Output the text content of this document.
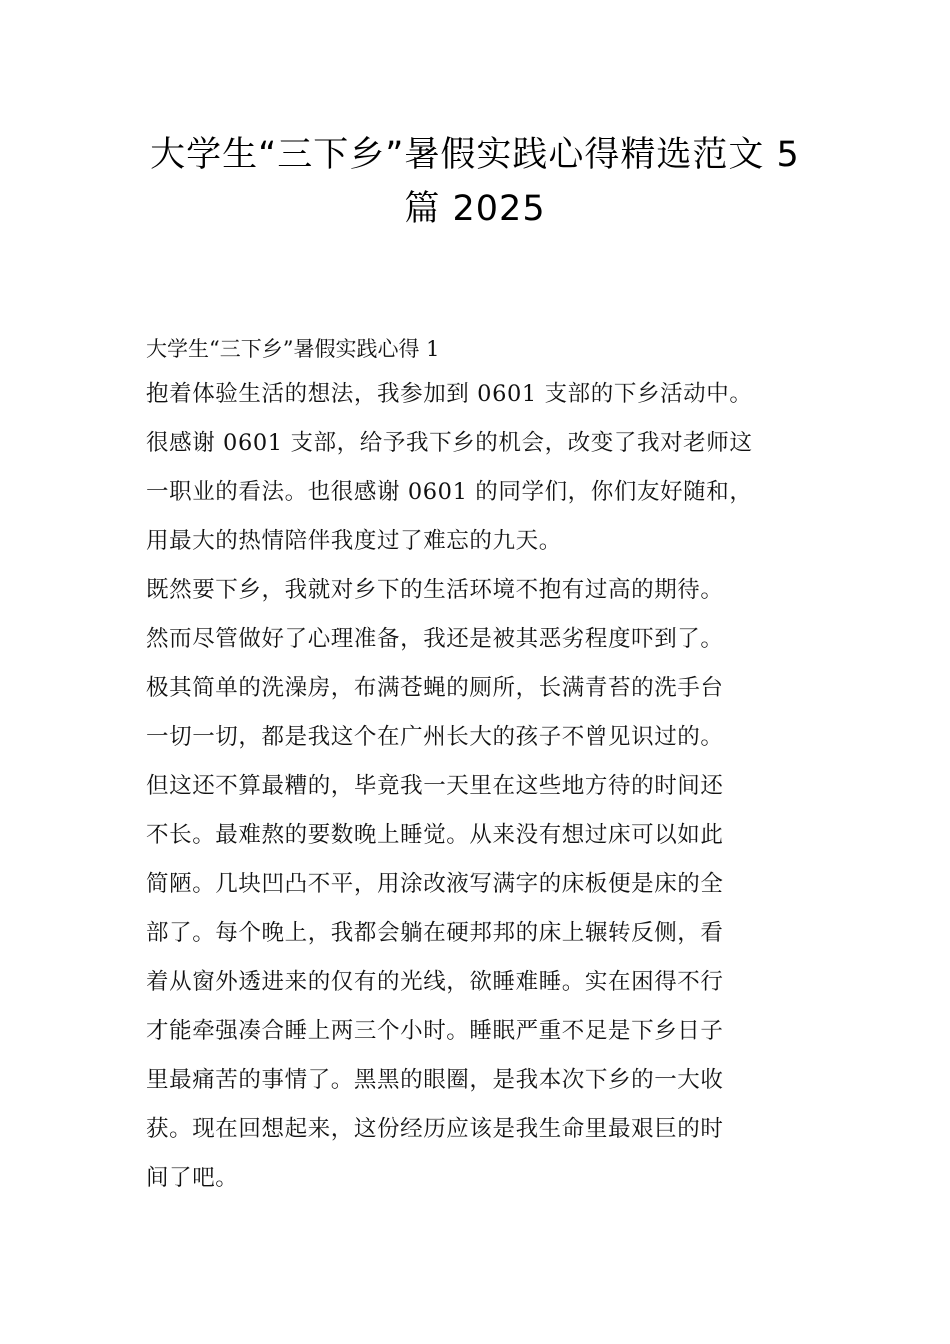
大学生“三下乡”暑假实践心得精选范文 5
篇 2025
大学生“三下乡”暑假实践心得 1

抱着体验生活的想法，我参加到 0601 支部的下乡活动中。
很感谢 0601 支部，给予我下乡的机会，改变了我对老师这
一职业的看法。也很感谢 0601 的同学们，你们友好随和，
用最大的热情陪伴我度过了难忘的九天。

既然要下乡，我就对乡下的生活环境不抱有过高的期待。
然而尽管做好了心理准备，我还是被其恶劣程度吓到了。
极其简单的洗澡房，布满苍蝇的厕所，长满青苔的洗手台
一切一切，都是我这个在广州长大的孩子不曾见识过的。
但这还不算最糟的，毕竟我一天里在这些地方待的时间还
不长。最难熬的要数晚上睡觉。从来没有想过床可以如此
简陋。几块凹凸不平，用涂改液写满字的床板便是床的全
部了。每个晚上，我都会躺在硬邦邦的床上辗转反侧，看
着从窗外透进来的仅有的光线，欲睡难睡。实在困得不行
才能牵强凑合睡上两三个小时。睡眠严重不足是下乡日子
里最痛苦的事情了。黑黑的眼圈，是我本次下乡的一大收
获。现在回想起来，这份经历应该是我生命里最艰巨的时
间了吧。
